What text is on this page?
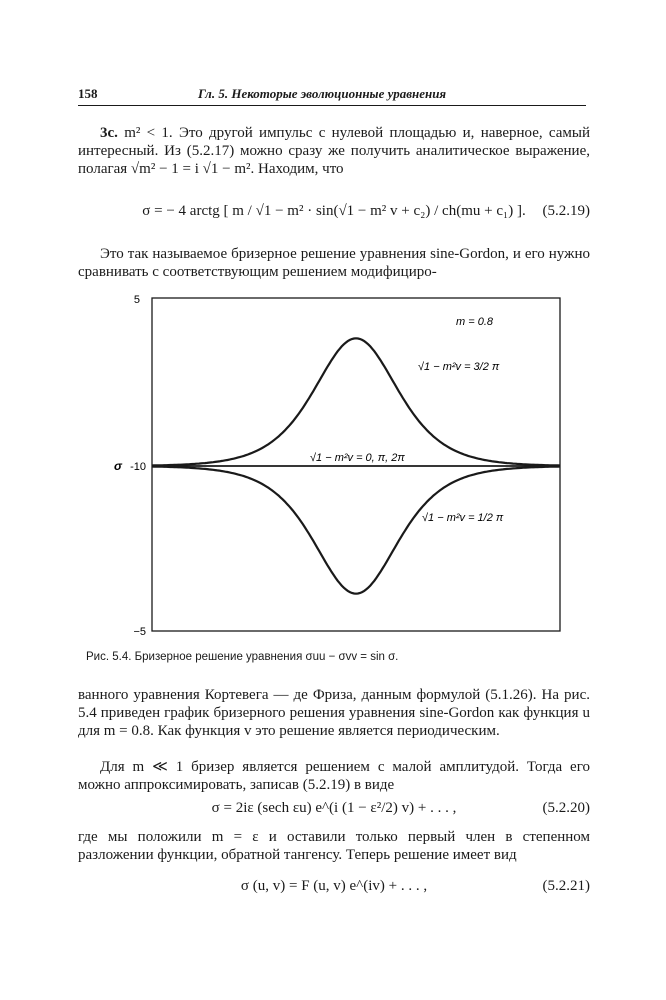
158	Гл. 5. Некоторые эволюционные уравнения

3c. m² < 1. Это другой импульс с нулевой площадью и, наверное, самый интересный. Из (5.2.17) можно сразу же получить аналитическое выражение, полагая √m² − 1 = i √1 − m². Находим, что

σ = − 4 arctg [ m / √1 − m² · sin(√1 − m² v + c₂) / ch(mu + c₁) ].	(5.2.19)

Это так называемое бризерное решение уравнения sine-Gordon, и его нужно сравнивать с соответствующим решением модифициро-

5
-10
−5
σ
m = 0.8
√1 − m²v = 3/2 π
√1 − m²v = 0, π, 2π
√1 − m²v = 1/2 π
Рис. 5.4. Бризерное решение уравнения σuu − σvv = sin σ.

ванного уравнения Кортевега — де Фриза, данным формулой (5.1.26). На рис. 5.4 приведен график бризерного решения уравнения sine-Gordon как функция u для m = 0.8. Как функция v это решение является периодическим.

Для m ≪ 1 бризер является решением с малой амплитудой. Тогда его можно аппроксимировать, записав (5.2.19) в виде

σ = 2iε (sech εu) e^(i (1 − ε²/2) v) + . . . ,	(5.2.20)

где мы положили m = ε и оставили только первый член в степенном разложении функции, обратной тангенсу. Теперь решение имеет вид

σ (u, v) = F (u, v) e^(iv) + . . . ,	(5.2.21)
